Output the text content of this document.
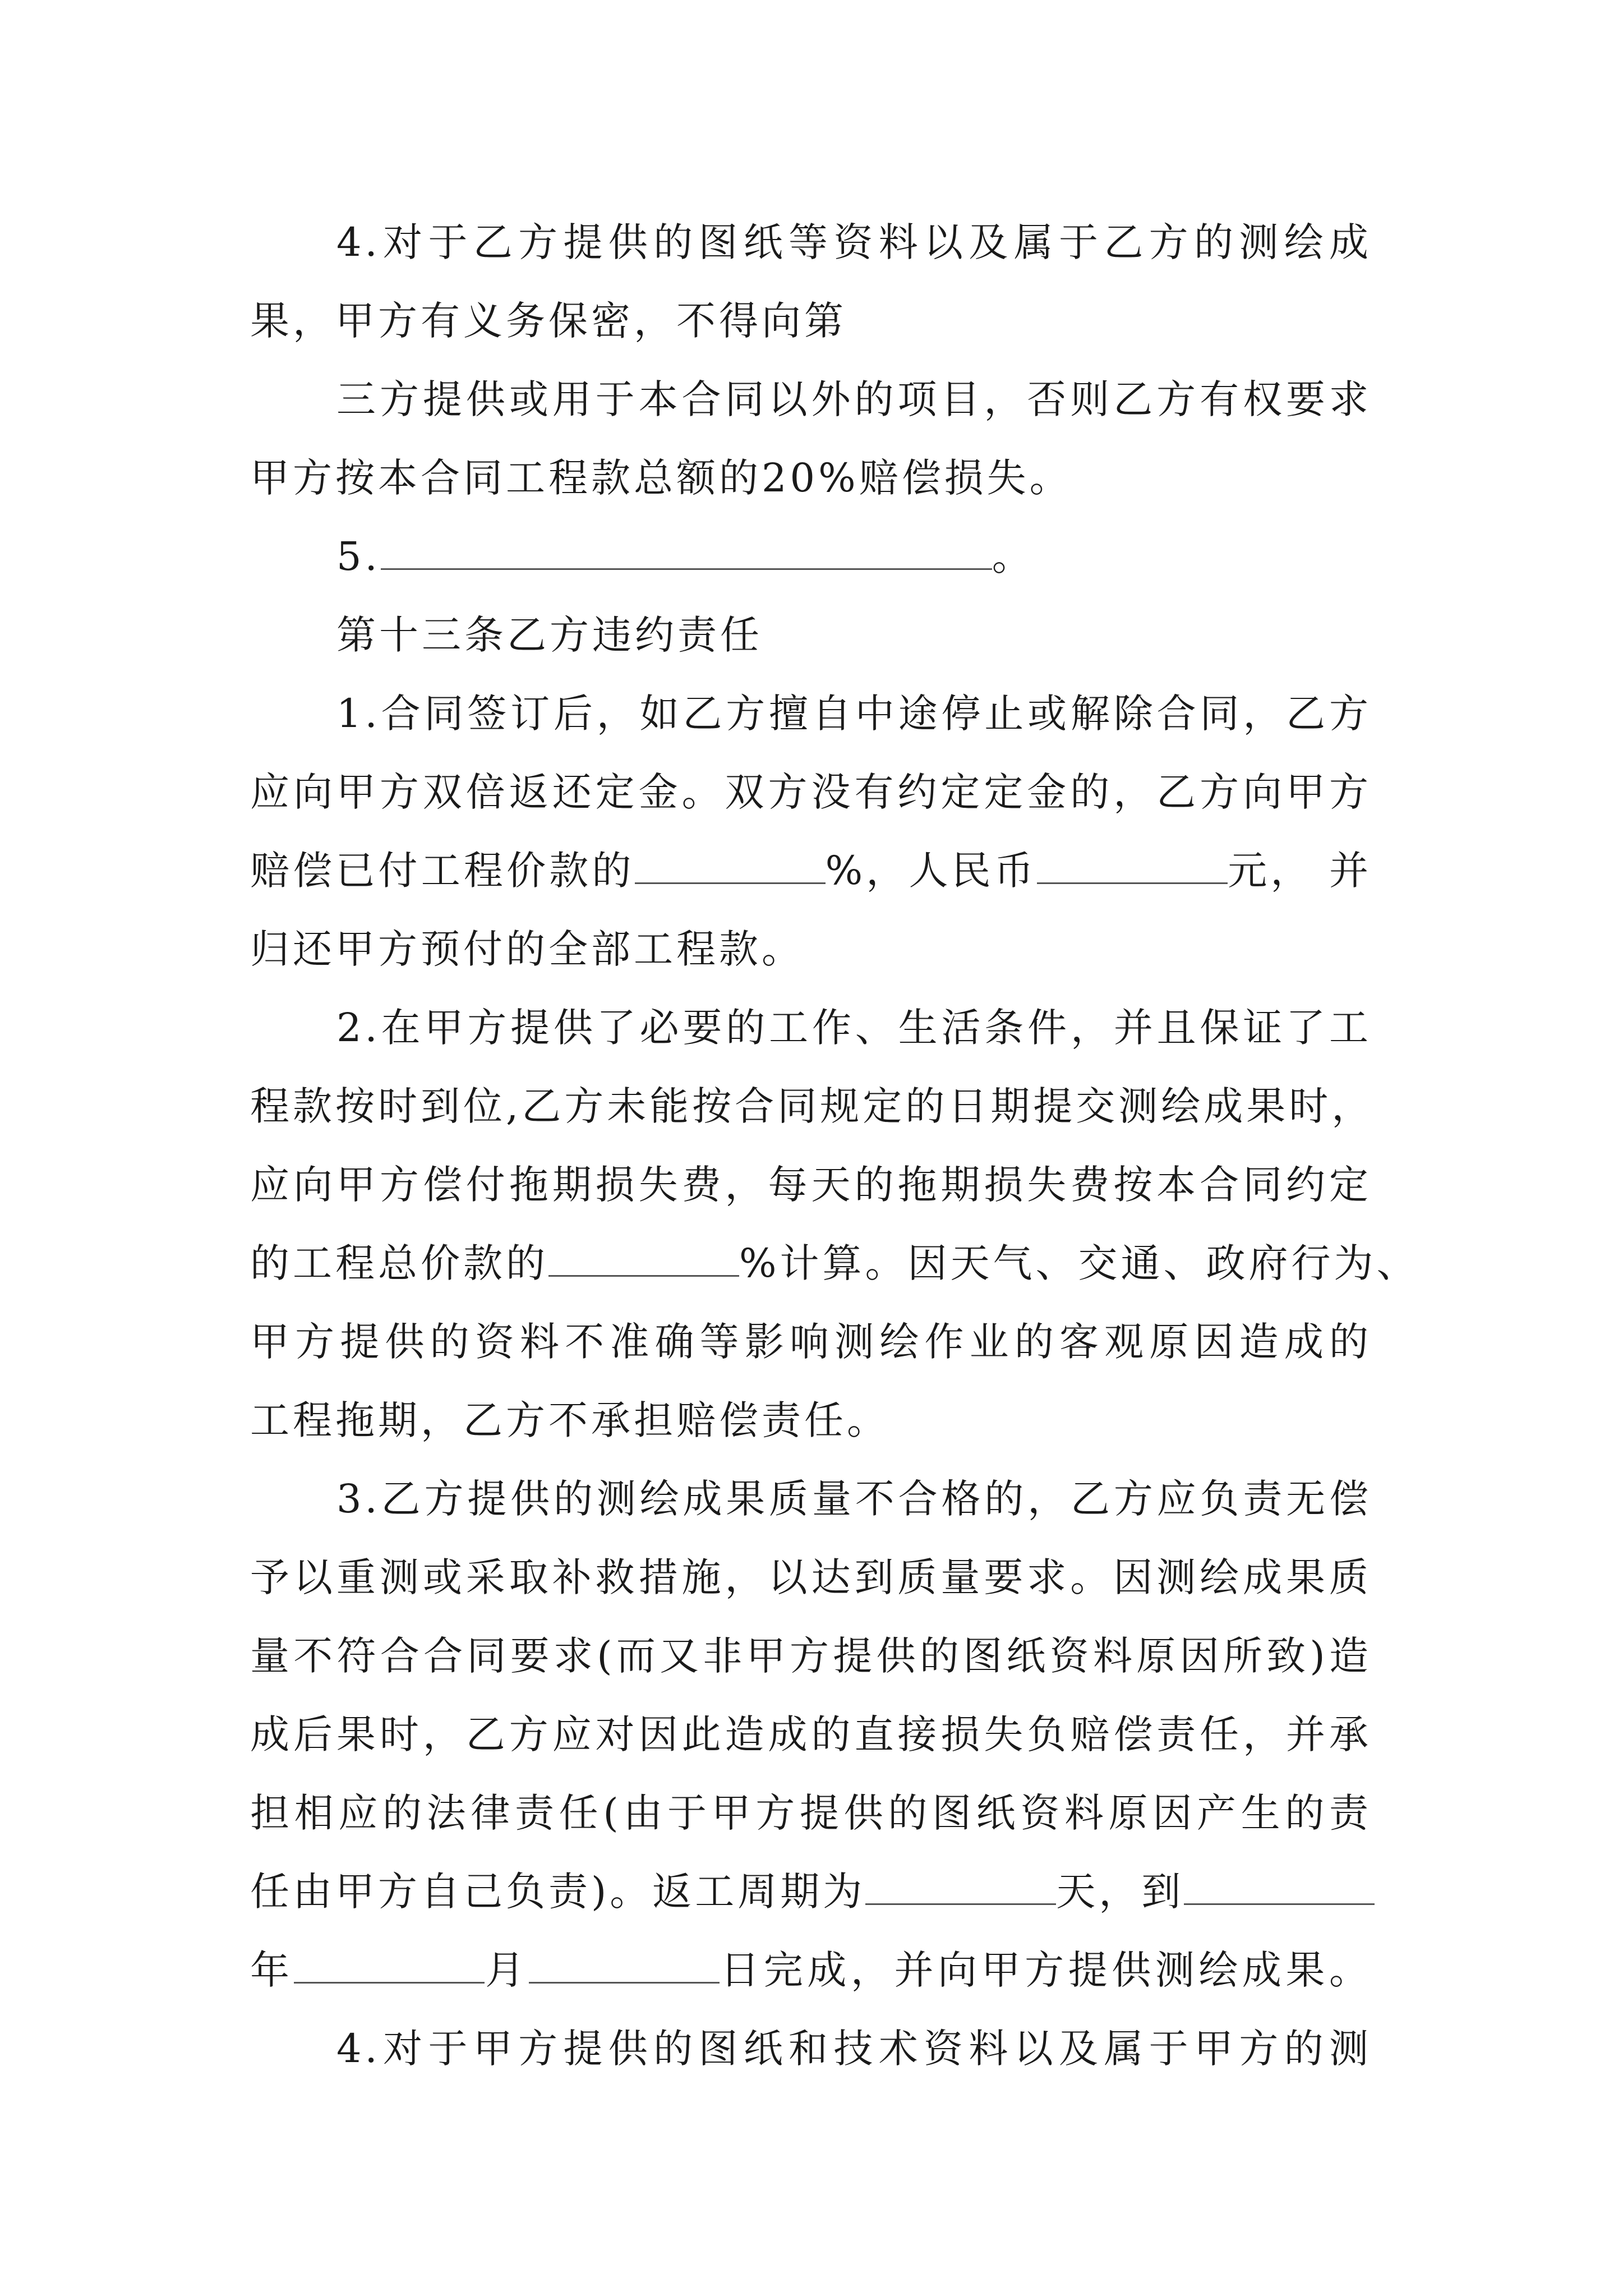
4.对于乙方提供的图纸等资料以及属于乙方的测绘成
果，甲方有义务保密，不得向第
三方提供或用于本合同以外的项目，否则乙方有权要求
甲方按本合同工程款总额的20%赔偿损失。
5.	。
第十三条乙方违约责任
1.合同签订后，如乙方擅自中途停止或解除合同，乙方
应向甲方双倍返还定金。双方没有约定定金的，乙方向甲方
赔偿已付工程价款的	%，人民币	元， 并
归还甲方预付的全部工程款。
2.在甲方提供了必要的工作、生活条件，并且保证了工
程款按时到位,乙方未能按合同规定的日期提交测绘成果时，
应向甲方偿付拖期损失费，每天的拖期损失费按本合同约定
的工程总价款的	%计算。因天气、交通、政府行为、
甲方提供的资料不准确等影响测绘作业的客观原因造成的
工程拖期，乙方不承担赔偿责任。
3.乙方提供的测绘成果质量不合格的，乙方应负责无偿
予以重测或采取补救措施，以达到质量要求。因测绘成果质
量不符合合同要求(而又非甲方提供的图纸资料原因所致)造
成后果时，乙方应对因此造成的直接损失负赔偿责任，并承
担相应的法律责任(由于甲方提供的图纸资料原因产生的责
任由甲方自己负责)。返工周期为	天，到
年	月	日完成，并向甲方提供测绘成果。
4.对于甲方提供的图纸和技术资料以及属于甲方的测
